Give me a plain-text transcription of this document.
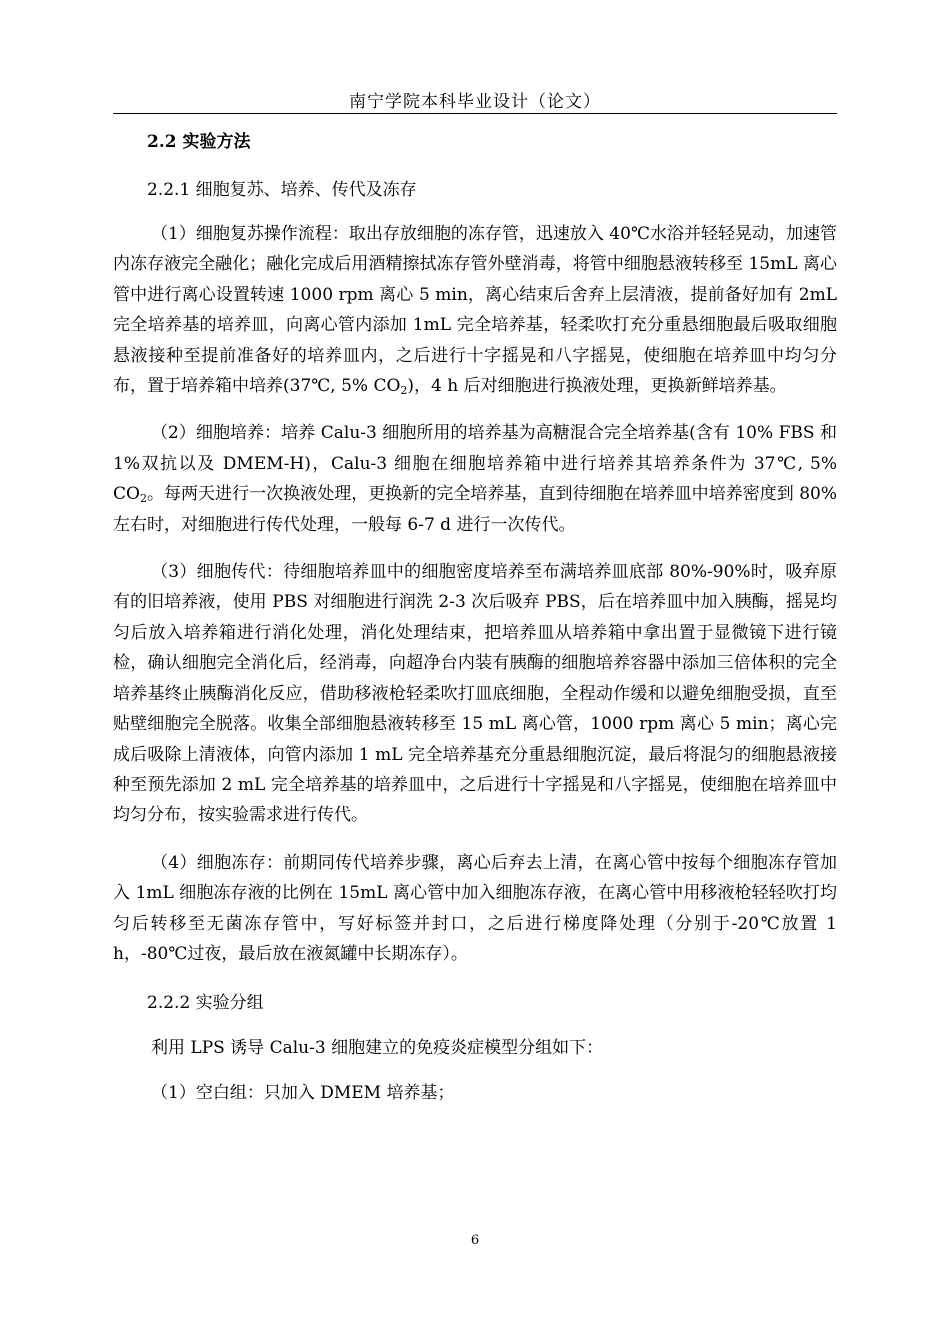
南宁学院本科毕业设计（论文）
2.2 实验方法
2.2.1 细胞复苏、培养、传代及冻存

（1）细胞复苏操作流程：取出存放细胞的冻存管，迅速放入 40℃水浴并轻轻晃动，加速管内冻存液完全融化；融化完成后用酒精擦拭冻存管外壁消毒，将管中细胞悬液转移至 15mL 离心管中进行离心设置转速 1000 rpm 离心 5 min，离心结束后舍弃上层清液，提前备好加有 2mL 完全培养基的培养皿，向离心管内添加 1mL 完全培养基，轻柔吹打充分重悬细胞最后吸取细胞悬液接种至提前准备好的培养皿内，之后进行十字摇晃和八字摇晃，使细胞在培养皿中均匀分布，置于培养箱中培养(37℃, 5% $CO_2$)，4 h 后对细胞进行换液处理，更换新鲜培养基。

（2）细胞培养：培养 Calu-3 细胞所用的培养基为高糖混合完全培养基(含有 10% FBS 和 1%双抗以及 DMEM-H)，Calu-3 细胞在细胞培养箱中进行培养其培养条件为 37℃, 5% $CO_2$。每两天进行一次换液处理，更换新的完全培养基，直到待细胞在培养皿中培养密度到 80%左右时，对细胞进行传代处理，一般每 6-7 d 进行一次传代。

（3）细胞传代：待细胞培养皿中的细胞密度培养至布满培养皿底部 80%-90%时，吸弃原有的旧培养液，使用 PBS 对细胞进行润洗 2-3 次后吸弃 PBS，后在培养皿中加入胰酶，摇晃均匀后放入培养箱进行消化处理，消化处理结束，把培养皿从培养箱中拿出置于显微镜下进行镜检，确认细胞完全消化后，经消毒，向超净台内装有胰酶的细胞培养容器中添加三倍体积的完全培养基终止胰酶消化反应，借助移液枪轻柔吹打皿底细胞，全程动作缓和以避免细胞受损，直至贴壁细胞完全脱落。收集全部细胞悬液转移至 15 mL 离心管，1000 rpm 离心 5 min；离心完成后吸除上清液体，向管内添加 1 mL 完全培养基充分重悬细胞沉淀，最后将混匀的细胞悬液接种至预先添加 2 mL 完全培养基的培养皿中，之后进行十字摇晃和八字摇晃，使细胞在培养皿中均匀分布，按实验需求进行传代。

（4）细胞冻存：前期同传代培养步骤，离心后弃去上清，在离心管中按每个细胞冻存管加入 1mL 细胞冻存液的比例在 15mL 离心管中加入细胞冻存液，在离心管中用移液枪轻轻吹打均匀后转移至无菌冻存管中，写好标签并封口，之后进行梯度降处理（分别于-20℃放置 1 h，-80℃过夜，最后放在液氮罐中长期冻存）。

2.2.2 实验分组
利用 LPS 诱导 Calu-3 细胞建立的免疫炎症模型分组如下：
（1）空白组：只加入 DMEM 培养基；
6
